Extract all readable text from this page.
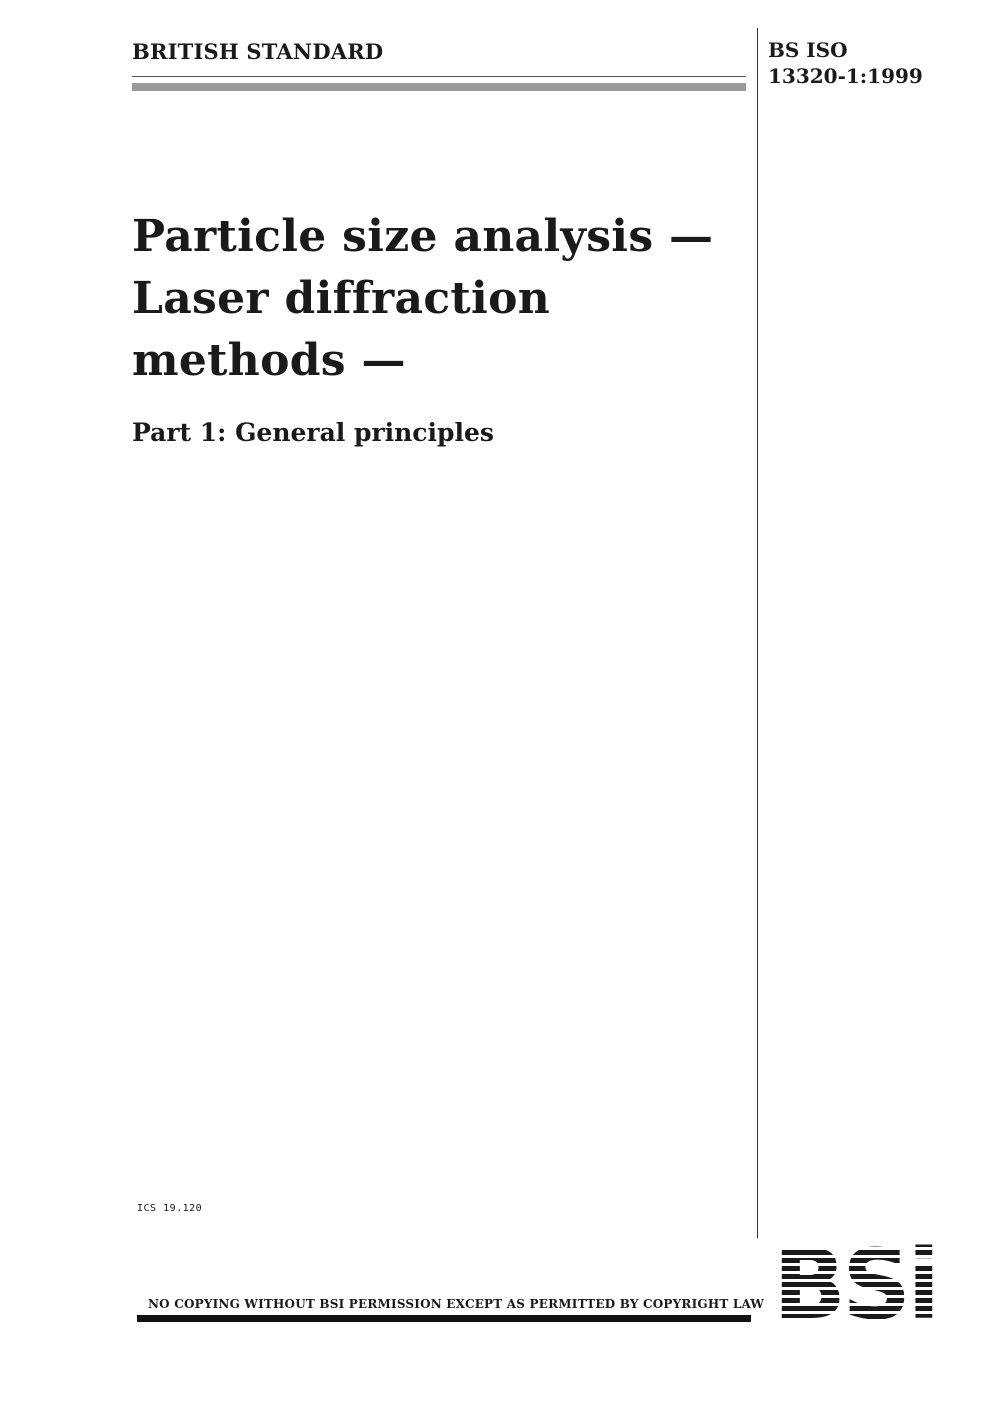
BRITISH STANDARD	BS ISO
13320-1:1999
Particle size analysis —
Laser diffraction
methods —
Part 1: General principles
ICS 19.120
NO COPYING WITHOUT BSI PERMISSION EXCEPT AS PERMITTED BY COPYRIGHT LAW BSi
